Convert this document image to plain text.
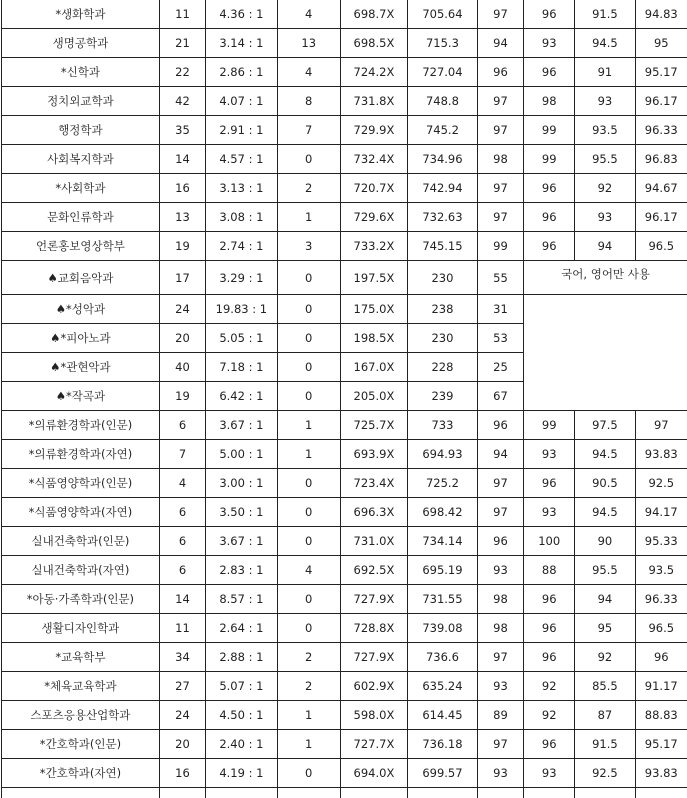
*생화학과	11	4.36 : 1	4	698.7X	705.64	97	96	91.5	94.83
생명공학과	21	3.14 : 1	13	698.5X	715.3	94	93	94.5	95
*신학과	22	2.86 : 1	4	724.2X	727.04	96	96	91	95.17
정치외교학과	42	4.07 : 1	8	731.8X	748.8	97	98	93	96.17
행정학과	35	2.91 : 1	7	729.9X	745.2	97	99	93.5	96.33
사회복지학과	14	4.57 : 1	0	732.4X	734.96	98	99	95.5	96.83
*사회학과	16	3.13 : 1	2	720.7X	742.94	97	96	92	94.67
문화인류학과	13	3.08 : 1	1	729.6X	732.63	97	96	93	96.17
언론홍보영상학부	19	2.74 : 1	3	733.2X	745.15	99	96	94	96.5
♠교회음악과	17	3.29 : 1	0	197.5X	230	55	국어, 영어만 사용		
♠*성악과	24	19.83 : 1	0	175.0X	238	31			
♠*피아노과	20	5.05 : 1	0	198.5X	230	53			
♠*관현악과	40	7.18 : 1	0	167.0X	228	25			
♠*작곡과	19	6.42 : 1	0	205.0X	239	67			
*의류환경학과(인문)	6	3.67 : 1	1	725.7X	733	96	99	97.5	97
*의류환경학과(자연)	7	5.00 : 1	1	693.9X	694.93	94	93	94.5	93.83
*식품영양학과(인문)	4	3.00 : 1	0	723.4X	725.2	97	96	90.5	92.5
*식품영양학과(자연)	6	3.50 : 1	0	696.3X	698.42	97	93	94.5	94.17
실내건축학과(인문)	6	3.67 : 1	0	731.0X	734.14	96	100	90	95.33
실내건축학과(자연)	6	2.83 : 1	4	692.5X	695.19	93	88	95.5	93.5
*아동·가족학과(인문)	14	8.57 : 1	0	727.9X	731.55	98	96	94	96.33
생활디자인학과	11	2.64 : 1	0	728.8X	739.08	98	96	95	96.5
*교육학부	34	2.88 : 1	2	727.9X	736.6	97	96	92	96
*체육교육학과	27	5.07 : 1	2	602.9X	635.24	93	92	85.5	91.17
스포츠응용산업학과	24	4.50 : 1	1	598.0X	614.45	89	92	87	88.83
*간호학과(인문)	20	2.40 : 1	1	727.7X	736.18	97	96	91.5	95.17
*간호학과(자연)	16	4.19 : 1	0	694.0X	699.57	93	93	92.5	93.83
